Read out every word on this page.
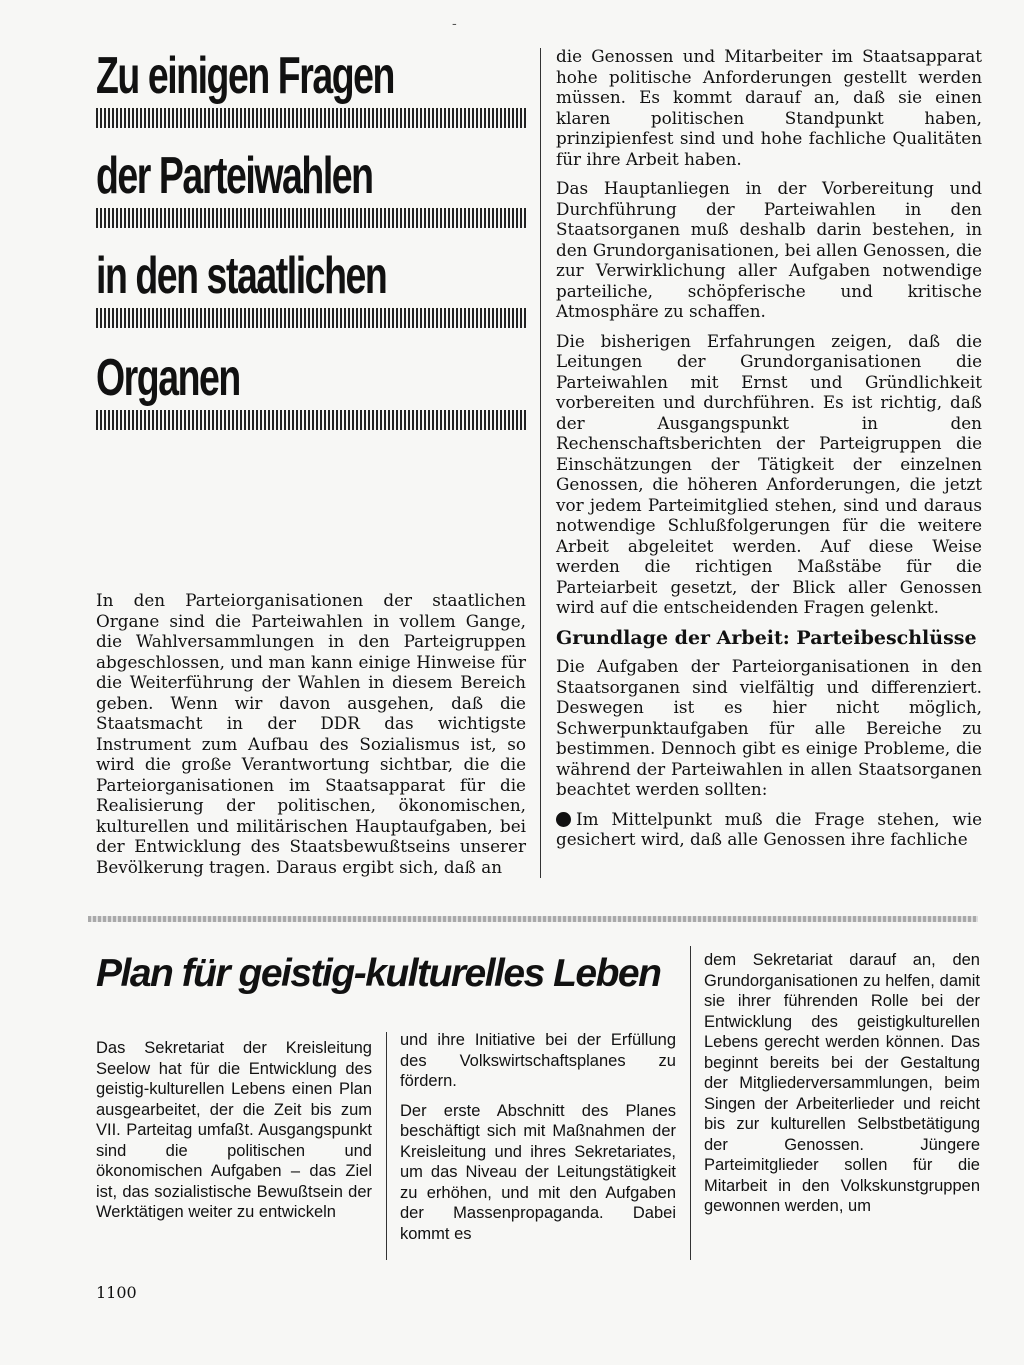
-
Zu einigen Fragen
der Parteiwahlen
in den staatlichen
Organen

In den Parteiorganisationen der staatlichen Organe sind die Parteiwahlen in vollem Gange, die Wahlversammlungen in den Parteigruppen abgeschlossen, und man kann einige Hinweise für die Weiterführung der Wahlen in diesem Bereich geben. Wenn wir davon ausgehen, daß die Staatsmacht in der DDR das wichtigste Instrument zum Aufbau des Sozialismus ist, so wird die große Verantwortung sichtbar, die die Parteiorganisationen im Staatsapparat für die Realisierung der politischen, ökonomischen, kulturellen und militärischen Hauptaufgaben, bei der Entwicklung des Staatsbewußtseins unserer Bevölkerung tragen. Daraus ergibt sich, daß an

die Genossen und Mitarbeiter im Staatsapparat hohe politische Anforderungen gestellt werden müssen. Es kommt darauf an, daß sie einen klaren politischen Standpunkt haben, prinzipienfest sind und hohe fachliche Qualitäten für ihre Arbeit haben.

Das Hauptanliegen in der Vorbereitung und Durchführung der Parteiwahlen in den Staatsorganen muß deshalb darin bestehen, in den Grundorganisationen, bei allen Genossen, die zur Verwirklichung aller Aufgaben notwendige parteiliche, schöpferische und kritische Atmosphäre zu schaffen.

Die bisherigen Erfahrungen zeigen, daß die Leitungen der Grundorganisationen die Parteiwahlen mit Ernst und Gründlichkeit vorbereiten und durchführen. Es ist richtig, daß der Ausgangspunkt in den Rechenschaftsberichten der Parteigruppen die Einschätzungen der Tätigkeit der einzelnen Genossen, die höheren Anforderungen, die jetzt vor jedem Parteimitglied stehen, sind und daraus notwendige Schlußfolgerungen für die weitere Arbeit abgeleitet werden. Auf diese Weise werden die richtigen Maßstäbe für die Parteiarbeit gesetzt, der Blick aller Genossen wird auf die entscheidenden Fragen gelenkt.

Grundlage der Arbeit: Parteibeschlüsse

Die Aufgaben der Parteiorganisationen in den Staatsorganen sind vielfältig und differenziert. Deswegen ist es hier nicht möglich, Schwerpunktaufgaben für alle Bereiche zu bestimmen. Dennoch gibt es einige Probleme, die während der Parteiwahlen in allen Staatsorganen beachtet werden sollten:

Im Mittelpunkt muß die Frage stehen, wie gesichert wird, daß alle Genossen ihre fachliche

Plan für geistig-kulturelles Leben

Das Sekretariat der Kreisleitung Seelow hat für die Entwicklung des geistig-kulturellen Lebens einen Plan ausgearbeitet, der die Zeit bis zum VII. Parteitag umfaßt. Ausgangspunkt sind die politischen und ökonomischen Aufgaben – das Ziel ist, das sozialistische Bewußtsein der Werktätigen weiter zu entwickeln

und ihre Initiative bei der Erfüllung des Volkswirtschaftsplanes zu fördern.

Der erste Abschnitt des Planes beschäftigt sich mit Maßnahmen der Kreisleitung und ihres Sekretariates, um das Niveau der Leitungstätigkeit zu erhöhen, und mit den Aufgaben der Massenpropaganda. Dabei kommt es

dem Sekretariat darauf an, den Grundorganisationen zu helfen, damit sie ihrer führenden Rolle bei der Entwicklung des geistigkulturellen Lebens gerecht werden können. Das beginnt bereits bei der Gestaltung der Mitgliederversammlungen, beim Singen der Arbeiterlieder und reicht bis zur kulturellen Selbstbetätigung der Genossen. Jüngere Parteimitglieder sollen für die Mitarbeit in den Volkskunstgruppen gewonnen werden, um

1100
